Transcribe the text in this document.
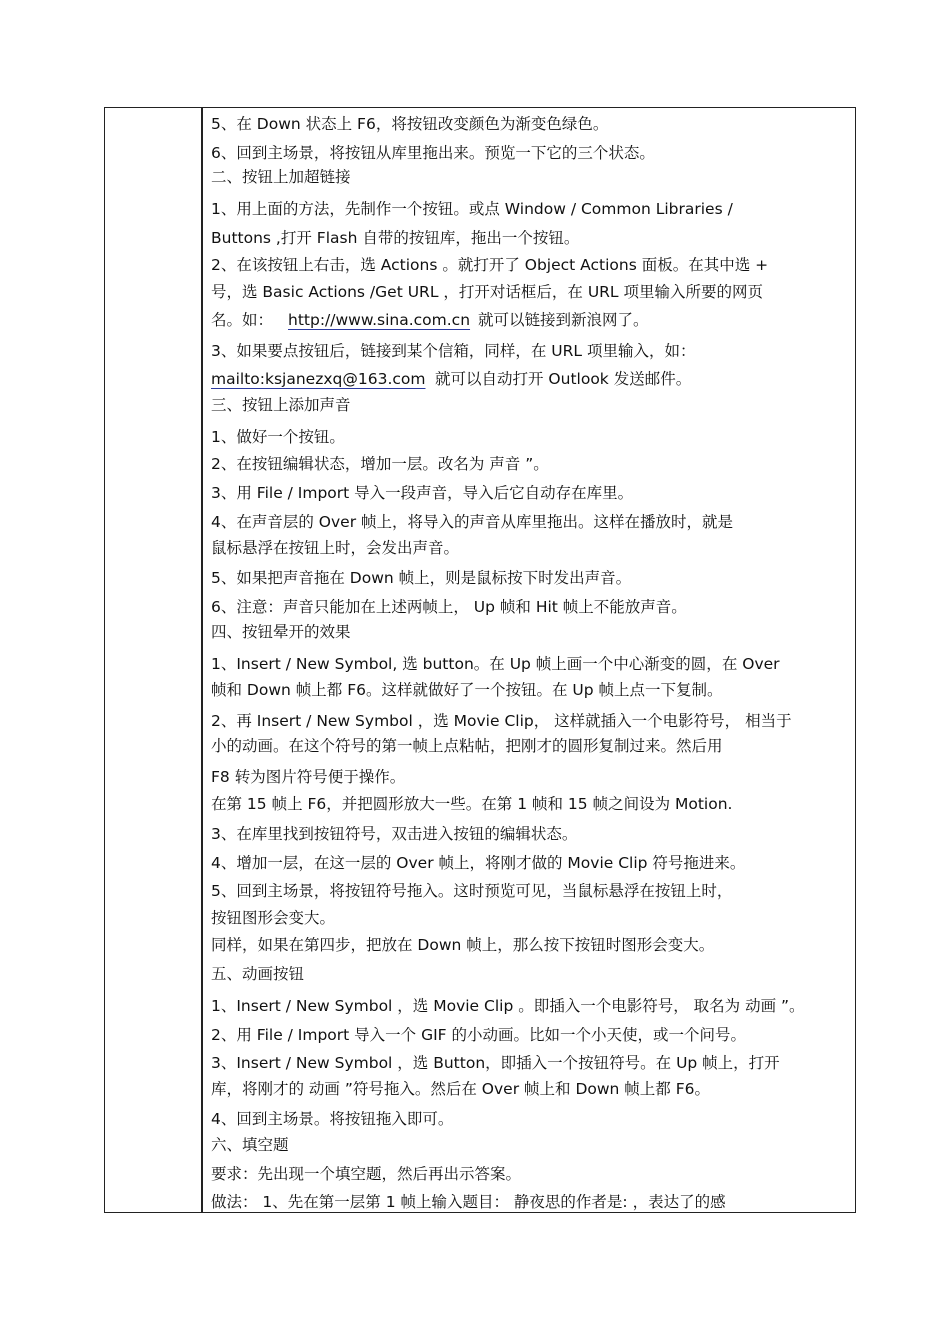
5、在 Down 状态上 F6，将按钮改变颜色为渐变色绿色。
6、回到主场景，将按钮从库里拖出来。预览一下它的三个状态。
二、按钮上加超链接
1、用上面的方法，先制作一个按钮。或点 Window / Common Libraries /
Buttons ,打开 Flash 自带的按钮库，拖出一个按钮。
2、在该按钮上右击，选 Actions 。就打开了 Object Actions 面板。在其中选 +
号，选 Basic Actions /Get URL ，打开对话框后，在 URL 项里输入所要的网页
名。如： http://www.sina.com.cn 就可以链接到新浪网了。
3、如果要点按钮后，链接到某个信箱，同样，在 URL 项里输入，如：
mailto:ksjanezxq@163.com 就可以自动打开 Outlook 发送邮件。
三、按钮上添加声音
1、做好一个按钮。
2、在按钮编辑状态，增加一层。改名为 声音 ”。
3、用 File / Import 导入一段声音，导入后它自动存在库里。
4、在声音层的 Over 帧上，将导入的声音从库里拖出。这样在播放时，就是
鼠标悬浮在按钮上时，会发出声音。
5、如果把声音拖在 Down 帧上，则是鼠标按下时发出声音。
6、注意：声音只能加在上述两帧上， Up 帧和 Hit 帧上不能放声音。
四、按钮晕开的效果
1、Insert / New Symbol, 选 button。在 Up 帧上画一个中心渐变的圆，在 Over
帧和 Down 帧上都 F6。这样就做好了一个按钮。在 Up 帧上点一下复制。
2、再 Insert / New Symbol ，选 Movie Clip， 这样就插入一个电影符号， 相当于
小的动画。在这个符号的第一帧上点粘帖，把刚才的圆形复制过来。然后用
F8 转为图片符号便于操作。
在第 15 帧上 F6，并把圆形放大一些。在第 1 帧和 15 帧之间设为 Motion.
3、在库里找到按钮符号，双击进入按钮的编辑状态。
4、增加一层，在这一层的 Over 帧上，将刚才做的 Movie Clip 符号拖进来。
5、回到主场景，将按钮符号拖入。这时预览可见，当鼠标悬浮在按钮上时，
按钮图形会变大。
同样，如果在第四步，把放在 Down 帧上，那么按下按钮时图形会变大。
五、动画按钮
1、Insert / New Symbol ，选 Movie Clip 。即插入一个电影符号， 取名为 动画 ”。
2、用 File / Import 导入一个 GIF 的小动画。比如一个小天使，或一个问号。
3、Insert / New Symbol ，选 Button，即插入一个按钮符号。在 Up 帧上，打开
库，将刚才的 动画 ”符号拖入。然后在 Over 帧上和 Down 帧上都 F6。
4、回到主场景。将按钮拖入即可。
六、填空题
要求：先出现一个填空题，然后再出示答案。
做法： 1、先在第一层第 1 帧上输入题目： 静夜思的作者是: ，表达了的感
